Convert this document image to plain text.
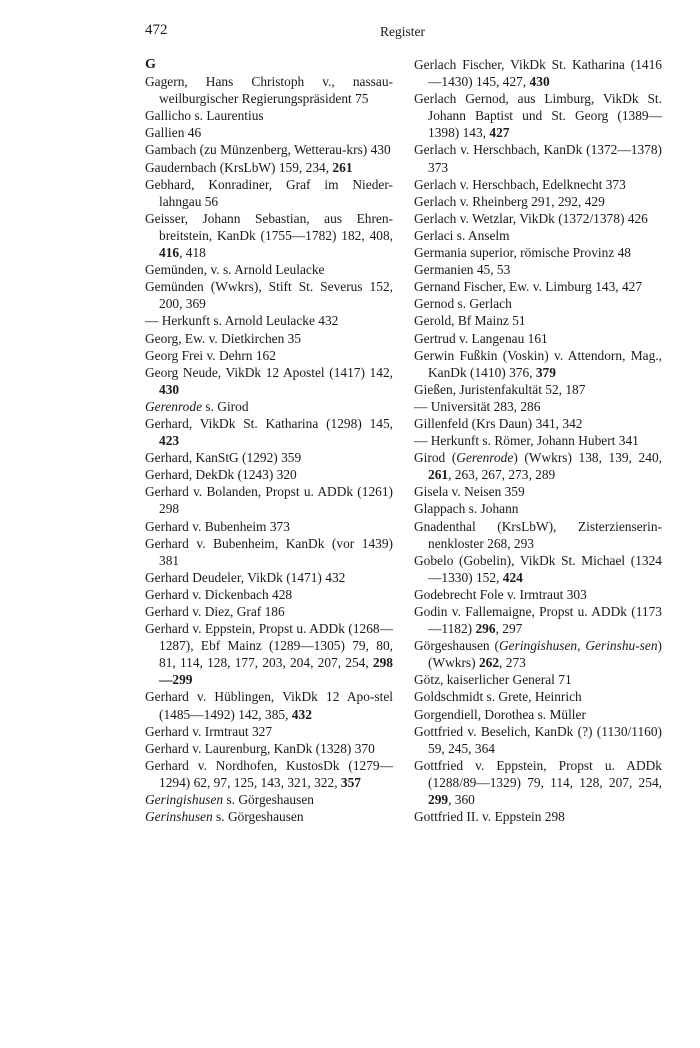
472	Register
G
Gagern, Hans Christoph v., nassau-weilburgischer Regierungspräsident 75
Gallicho s. Laurentius
Gallien 46
Gambach (zu Münzenberg, Wetterau-krs) 430
Gaudernbach (KrsLbW) 159, 234, 261
Gebhard, Konradiner, Graf im Nieder-lahngau 56
Geisser, Johann Sebastian, aus Ehren-breitstein, KanDk (1755—1782) 182, 408, 416, 418
Gemünden, v. s. Arnold Leulacke
Gemünden (Wwkrs), Stift St. Severus 152, 200, 369
— Herkunft s. Arnold Leulacke 432
Georg, Ew. v. Dietkirchen 35
Georg Frei v. Dehrn 162
Georg Neude, VikDk 12 Apostel (1417) 142, 430
Gerenrode s. Girod
Gerhard, VikDk St. Katharina (1298) 145, 423
Gerhard, KanStG (1292) 359
Gerhard, DekDk (1243) 320
Gerhard v. Bolanden, Propst u. ADDk (1261) 298
Gerhard v. Bubenheim 373
Gerhard v. Bubenheim, KanDk (vor 1439) 381
Gerhard Deudeler, VikDk (1471) 432
Gerhard v. Dickenbach 428
Gerhard v. Diez, Graf 186
Gerhard v. Eppstein, Propst u. ADDk (1268—1287), Ebf Mainz (1289—1305) 79, 80, 81, 114, 128, 177, 203, 204, 207, 254, 298—299
Gerhard v. Hüblingen, VikDk 12 Apo-stel (1485—1492) 142, 385, 432
Gerhard v. Irmtraut 327
Gerhard v. Laurenburg, KanDk (1328) 370
Gerhard v. Nordhofen, KustosDk (1279—1294) 62, 97, 125, 143, 321, 322, 357
Geringishusen s. Görgeshausen
Gerinshusen s. Görgeshausen
Gerlach Fischer, VikDk St. Katharina (1416—1430) 145, 427, 430
Gerlach Gernod, aus Limburg, VikDk St. Johann Baptist und St. Georg (1389—1398) 143, 427
Gerlach v. Herschbach, KanDk (1372—1378) 373
Gerlach v. Herschbach, Edelknecht 373
Gerlach v. Rheinberg 291, 292, 429
Gerlach v. Wetzlar, VikDk (1372/1378) 426
Gerlaci s. Anselm
Germania superior, römische Provinz 48
Germanien 45, 53
Gernand Fischer, Ew. v. Limburg 143, 427
Gernod s. Gerlach
Gerold, Bf Mainz 51
Gertrud v. Langenau 161
Gerwin Fußkin (Voskin) v. Attendorn, Mag., KanDk (1410) 376, 379
Gießen, Juristenfakultät 52, 187
— Universität 283, 286
Gillenfeld (Krs Daun) 341, 342
— Herkunft s. Römer, Johann Hubert 341
Girod (Gerenrode) (Wwkrs) 138, 139, 240, 261, 263, 267, 273, 289
Gisela v. Neisen 359
Glappach s. Johann
Gnadenthal (KrsLbW), Zisterzienserin-nenkloster 268, 293
Gobelo (Gobelin), VikDk St. Michael (1324—1330) 152, 424
Godebrecht Fole v. Irmtraut 303
Godin v. Fallemaigne, Propst u. ADDk (1173—1182) 296, 297
Görgeshausen (Geringishusen, Gerinshu-sen) (Wwkrs) 262, 273
Götz, kaiserlicher General 71
Goldschmidt s. Grete, Heinrich
Gorgendiell, Dorothea s. Müller
Gottfried v. Beselich, KanDk (?) (1130/1160) 59, 245, 364
Gottfried v. Eppstein, Propst u. ADDk (1288/89—1329) 79, 114, 128, 207, 254, 299, 360
Gottfried II. v. Eppstein 298
